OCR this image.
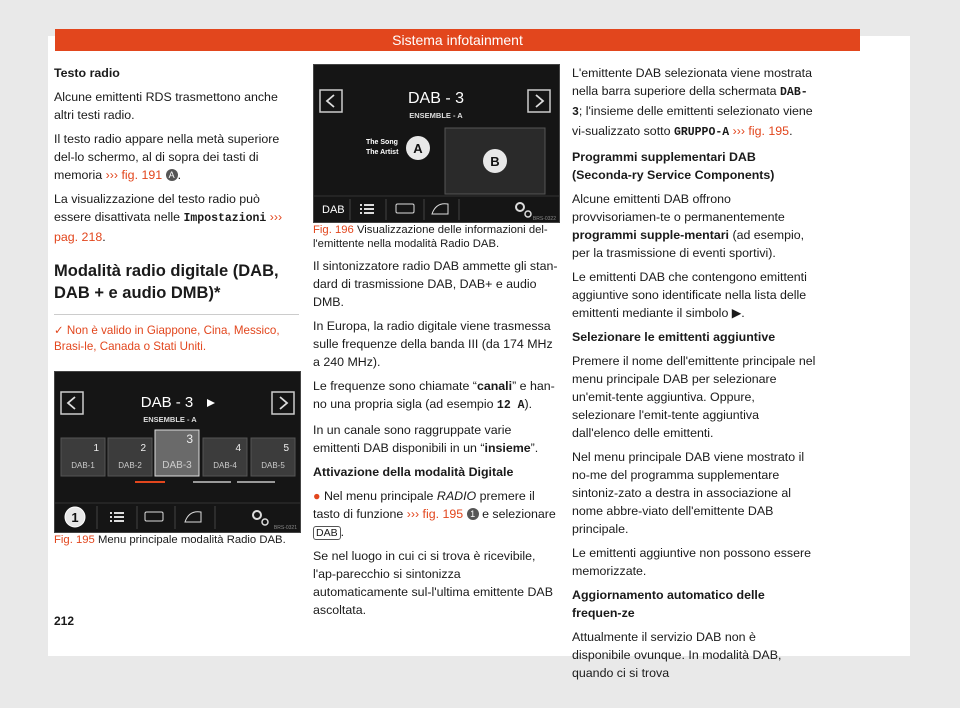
Sistema infotainment

Testo radio

Alcune emittenti RDS trasmettono anche altri testi radio.

Il testo radio appare nella metà superiore del-lo schermo, al di sopra dei tasti di memoria ››› fig. 191 A .

La visualizzazione del testo radio può essere disattivata nelle Impostazioni ››› pag. 218.

Modalità radio digitale (DAB, DAB + e audio DMB)*
✓ Non è valido in Giappone, Cina, Messico, Brasi-le, Canada o Stati Uniti.
DAB - 3
ENSEMBLE - A
1
DAB-1
2
DAB-2
3
DAB-3
4
DAB-4
5
DAB-5
1
BRS-0321

Fig. 195 Menu principale modalità Radio DAB.

DAB - 3
ENSEMBLE - A
The Song
The Artist A
B
DAB
BRS-0322

Fig. 196 Visualizzazione delle informazioni del-l'emittente nella modalità Radio DAB.

Il sintonizzatore radio DAB ammette gli stan-dard di trasmissione DAB, DAB+ e audio DMB.

In Europa, la radio digitale viene trasmessa sulle frequenze della banda III (da 174 MHz a 240 MHz).

Le frequenze sono chiamate “canali” e han-no una propria sigla (ad esempio 12 A).

In un canale sono raggruppate varie emittenti DAB disponibili in un “insieme”.

Attivazione della modalità Digitale

● Nel menu principale RADIO premere il tasto di funzione ››› fig. 195 1 e selezionare DAB .

Se nel luogo in cui ci si trova è ricevibile, l'ap-parecchio si sintonizza automaticamente sul-l'ultima emittente DAB ascoltata.

L'emittente DAB selezionata viene mostrata nella barra superiore della schermata DAB-3; l'insieme delle emittenti selezionato viene vi-sualizzato sotto GRUPPO-A ››› fig. 195.

Programmi supplementari DAB (Seconda-ry Service Components)

Alcune emittenti DAB offrono provvisoriamen-te o permanentemente programmi supple-mentari (ad esempio, per la trasmissione di eventi sportivi).

Le emittenti DAB che contengono emittenti aggiuntive sono identificate nella lista delle emittenti mediante il simbolo ▶.

Selezionare le emittenti aggiuntive

Premere il nome dell'emittente principale nel menu principale DAB per selezionare un'emit-tente aggiuntiva. Oppure, selezionare l'emit-tente aggiuntiva dall'elenco delle emittenti.

Nel menu principale DAB viene mostrato il no-me del programma supplementare sintoniz-zato a destra in associazione al nome abbre-viato dell'emittente DAB principale.

Le emittenti aggiuntive non possono essere memorizzate.

Aggiornamento automatico delle frequen-ze

Attualmente il servizio DAB non è disponibile ovunque. In modalità DAB, quando ci si trova

212
